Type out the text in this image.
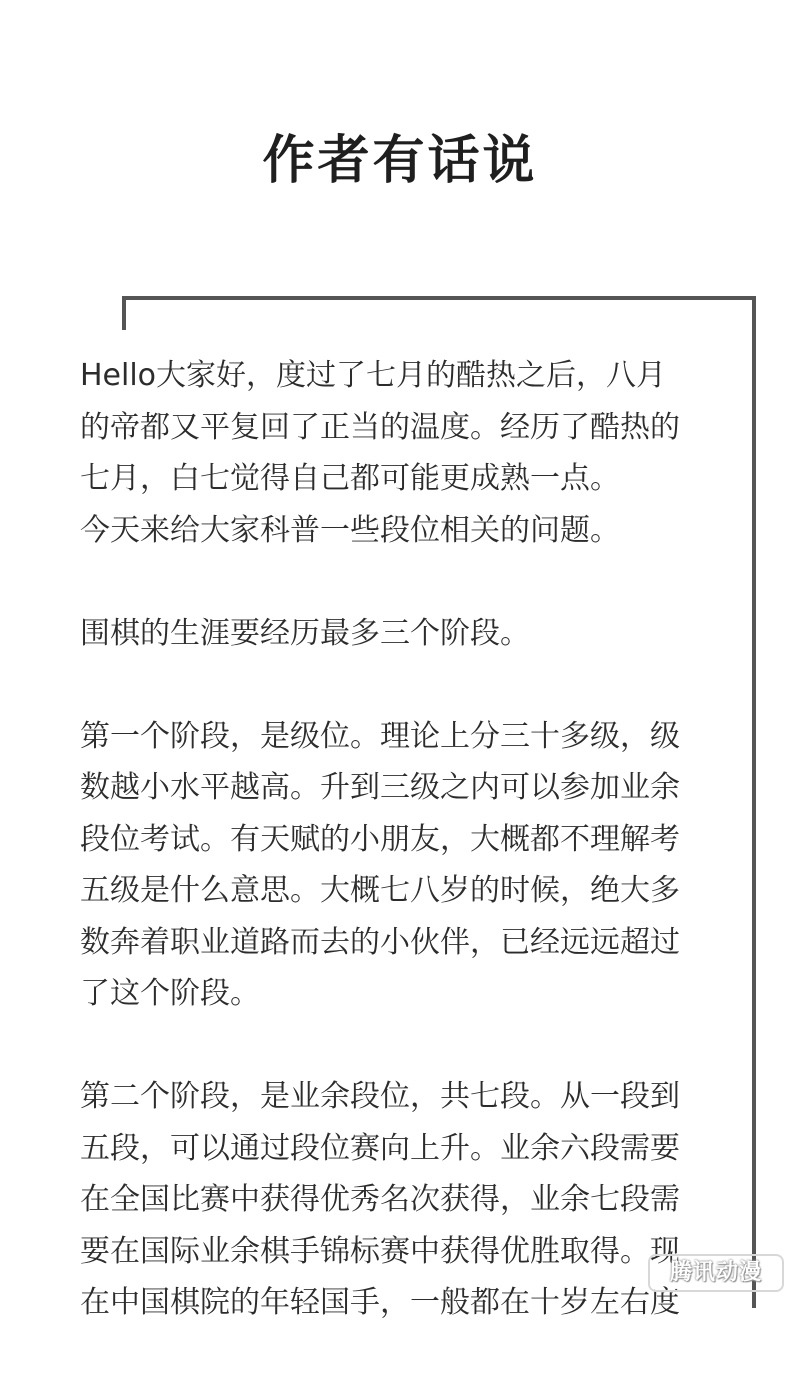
作者有话说

Hello大家好，度过了七月的酷热之后，八月
的帝都又平复回了正当的温度。经历了酷热的
七月，白七觉得自己都可能更成熟一点。
今天来给大家科普一些段位相关的问题。

围棋的生涯要经历最多三个阶段。

第一个阶段，是级位。理论上分三十多级，级
数越小水平越高。升到三级之内可以参加业余
段位考试。有天赋的小朋友，大概都不理解考
五级是什么意思。大概七八岁的时候，绝大多
数奔着职业道路而去的小伙伴，已经远远超过
了这个阶段。

第二个阶段，是业余段位，共七段。从一段到
五段，可以通过段位赛向上升。业余六段需要
在全国比赛中获得优秀名次获得，业余七段需
要在国际业余棋手锦标赛中获得优胜取得。现
在中国棋院的年轻国手，一般都在十岁左右度

腾讯动漫
